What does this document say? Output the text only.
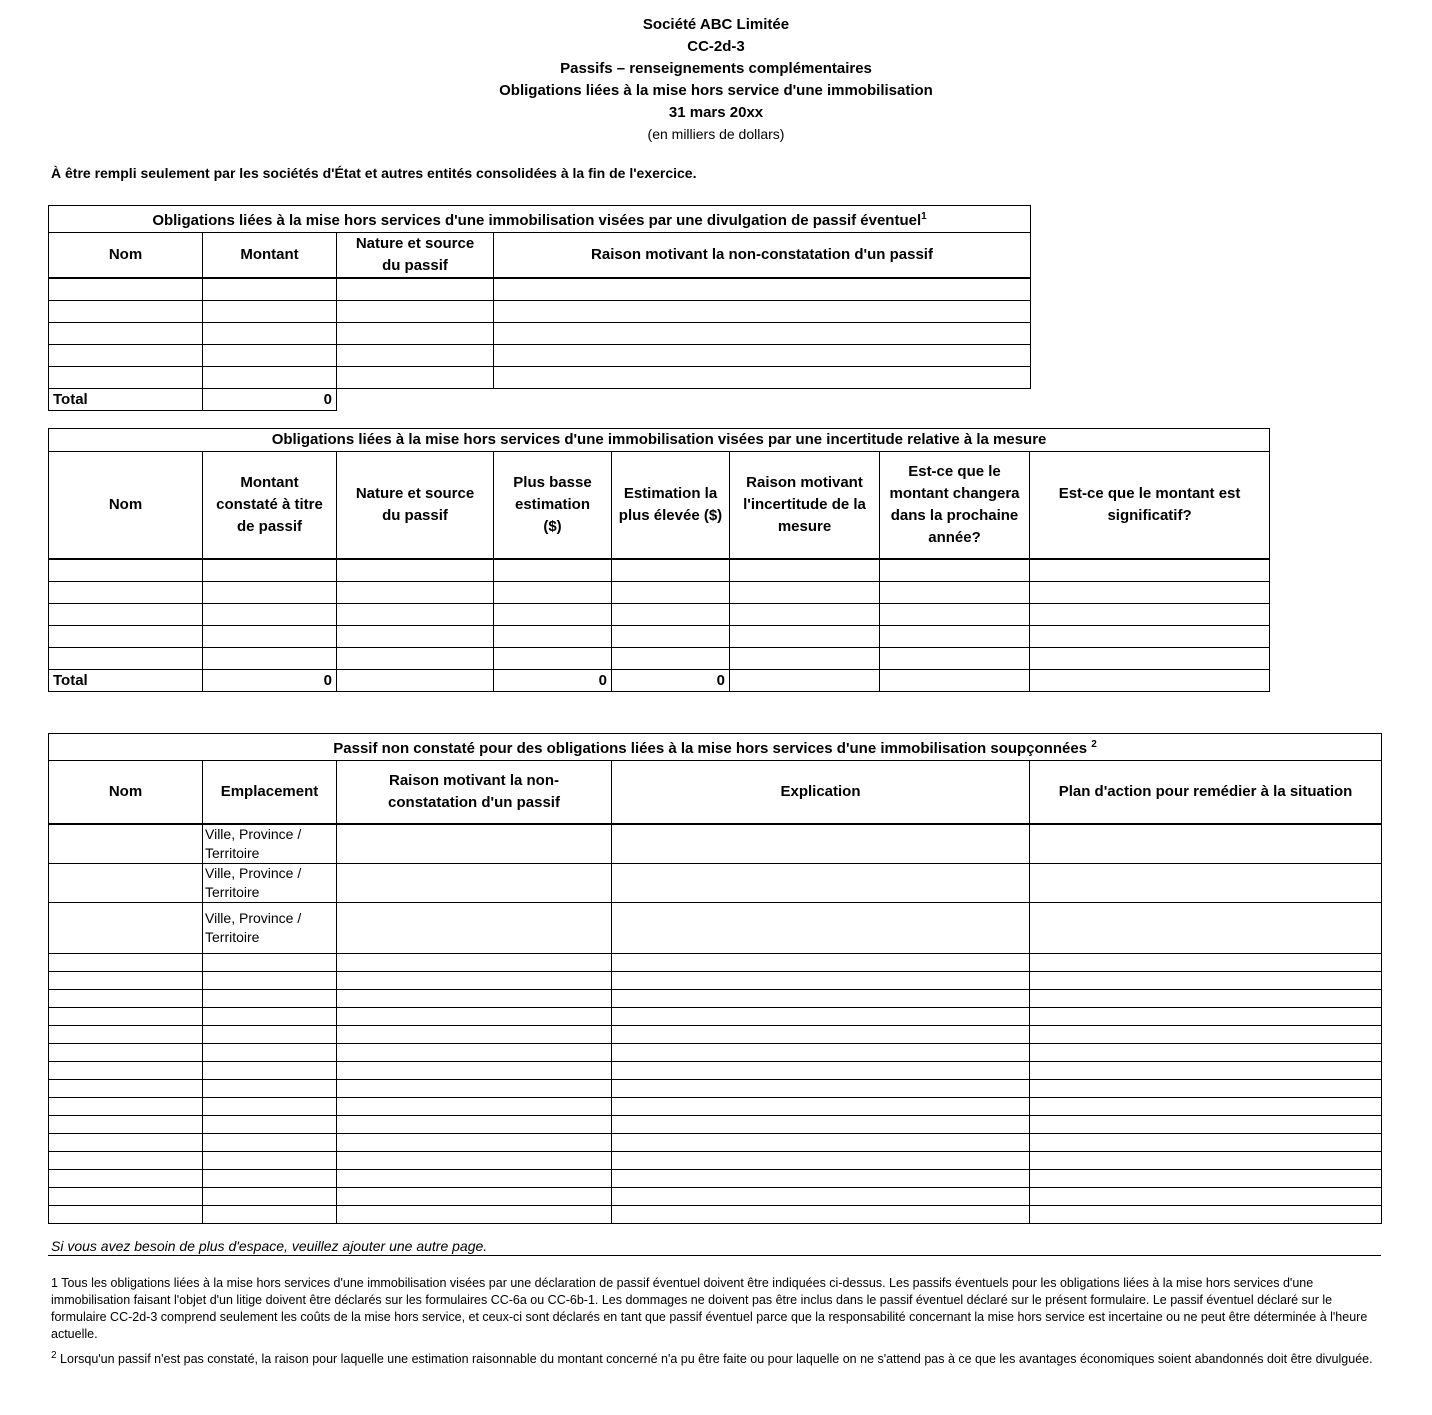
Société ABC Limitée
CC-2d-3
Passifs – renseignements complémentaires
Obligations liées à la mise hors service d'une immobilisation
31 mars 20xx
(en milliers de dollars)
À être rempli seulement par les sociétés d'État et autres entités consolidées à la fin de l'exercice.
Obligations liées à la mise hors services d'une immobilisation visées par une divulgation de passif éventuel$^1$
Nom	Montant	Nature et source du passif	Raison motivant la non-constatation d'un passif

Total	0		
Obligations liées à la mise hors services d'une immobilisation visées par une incertitude relative à la mesure							
Nom	Montant constaté à titre de passif	Nature et source du passif	Plus basse estimation ($)	Estimation la plus élevée ($)	Raison motivant l'incertitude de la mesure	Est-ce que le montant changera dans la prochaine année?	Est-ce que le montant est significatif?

Total	0		0	0			
Passif non constaté pour des obligations liées à la mise hors services d'une immobilisation soupçonnées $^2$
Nom	Emplacement	Raison motivant la non-constatation d'un passif	Explication	Plan d'action pour remédier à la situation
	Ville, Province / Territoire			
	Ville, Province / Territoire			
	Ville, Province / Territoire			

Si vous avez besoin de plus d'espace, veuillez ajouter une autre page.
1 Tous les obligations liées à la mise hors services d'une immobilisation visées par une déclaration de passif éventuel doivent être indiquées ci-dessus. Les passifs éventuels pour les obligations liées à la mise hors services d'une immobilisation faisant l'objet d'un litige doivent être déclarés sur les formulaires CC-6a ou CC-6b-1. Les dommages ne doivent pas être inclus dans le passif éventuel déclaré sur le présent formulaire. Le passif éventuel déclaré sur le formulaire CC-2d-3 comprend seulement les coûts de la mise hors service, et ceux-ci sont déclarés en tant que passif éventuel parce que la responsabilité concernant la mise hors service est incertaine ou ne peut être déterminée à l'heure actuelle.
$^2$ Lorsqu'un passif n'est pas constaté, la raison pour laquelle une estimation raisonnable du montant concerné n'a pu être faite ou pour laquelle on ne s'attend pas à ce que les avantages économiques soient abandonnés doit être divulguée.
